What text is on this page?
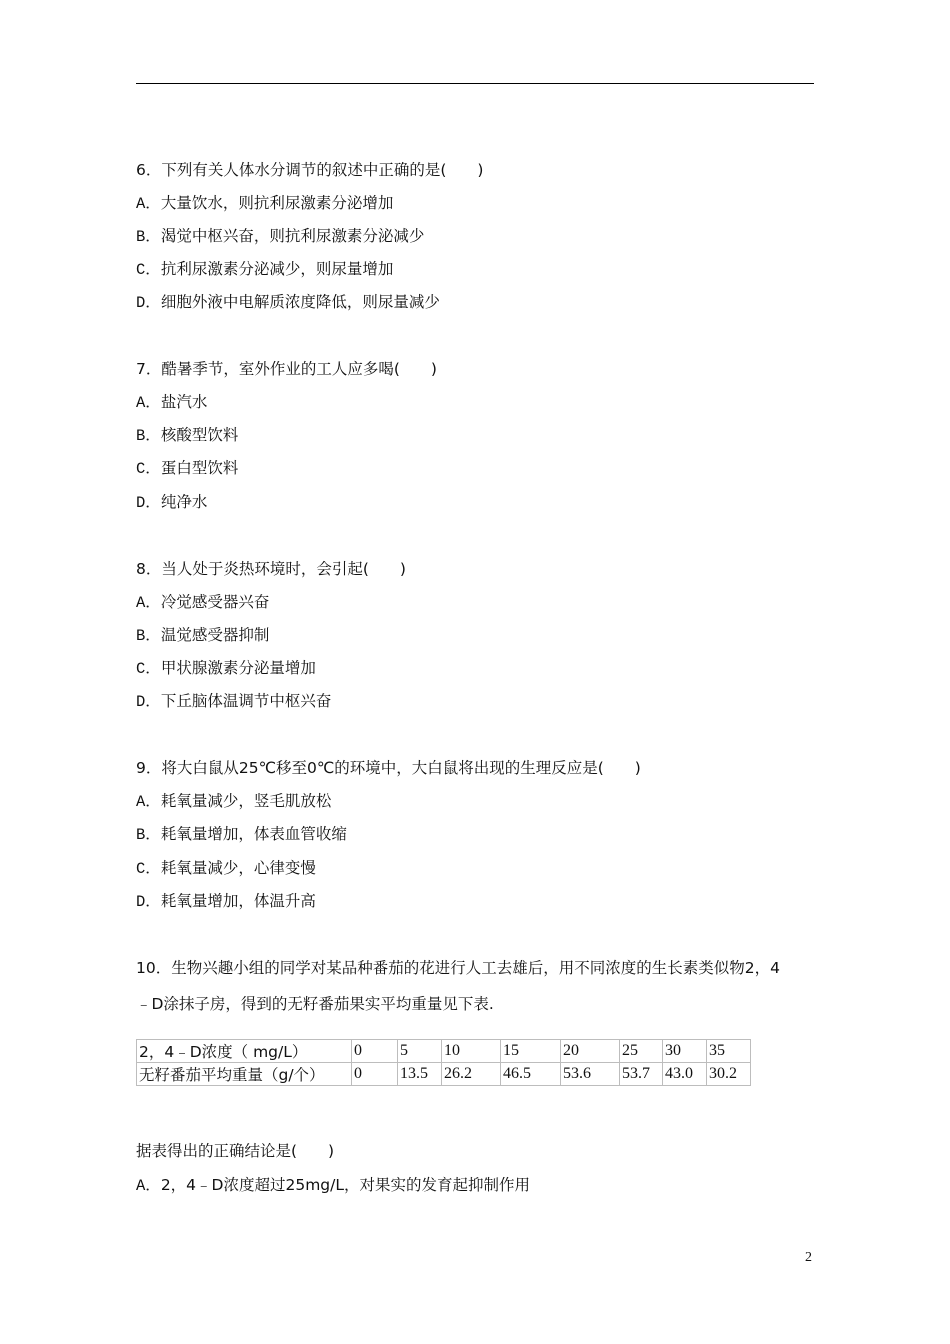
6．下列有关人体水分调节的叙述中正确的是(　　)
A．大量饮水，则抗利尿激素分泌增加
B．渴觉中枢兴奋，则抗利尿激素分泌减少
C．抗利尿激素分泌减少，则尿量增加
D．细胞外液中电解质浓度降低，则尿量减少
7．酷暑季节，室外作业的工人应多喝(　　)
A．盐汽水
B．核酸型饮料
C．蛋白型饮料
D．纯净水
8．当人处于炎热环境时，会引起(　　)
A．冷觉感受器兴奋
B．温觉感受器抑制
C．甲状腺激素分泌量增加
D．下丘脑体温调节中枢兴奋
9．将大白鼠从25℃移至0℃的环境中，大白鼠将出现的生理反应是(　　)
A．耗氧量减少，竖毛肌放松
B．耗氧量增加，体表血管收缩
C．耗氧量减少，心律变慢
D．耗氧量增加，体温升高
10．生物兴趣小组的同学对某品种番茄的花进行人工去雄后，用不同浓度的生长素类似物2，4
﹣D涂抹子房，得到的无籽番茄果实平均重量见下表.
2，4﹣D浓度（ mg/L）	0	5	10	15	20	25	30	35
无籽番茄平均重量（g/个）	0	13.5	26.2	46.5	53.6	53.7	43.0	30.2
据表得出的正确结论是(　　)
A．2，4﹣D浓度超过25mg/L，对果实的发育起抑制作用
2
